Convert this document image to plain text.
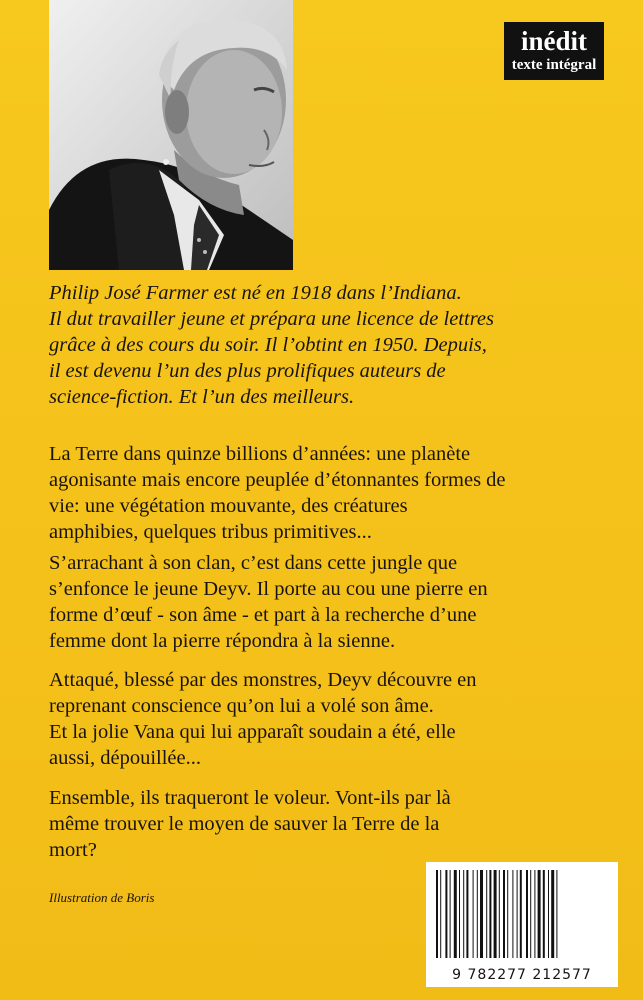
inédit
texte intégral
Philip José Farmer est né en 1918 dans l’Indiana.
Il dut travailler jeune et prépara une licence de lettres
grâce à des cours du soir. Il l’obtint en 1950. Depuis,
il est devenu l’un des plus prolifiques auteurs de
science-fiction. Et l’un des meilleurs.
La Terre dans quinze billions d’années: une planète
agonisante mais encore peuplée d’étonnantes formes de
vie: une végétation mouvante, des créatures
amphibies, quelques tribus primitives...
S’arrachant à son clan, c’est dans cette jungle que
s’enfonce le jeune Deyv. Il porte au cou une pierre en
forme d’œuf - son âme - et part à la recherche d’une
femme dont la pierre répondra à la sienne.
Attaqué, blessé par des monstres, Deyv découvre en
reprenant conscience qu’on lui a volé son âme.
Et la jolie Vana qui lui apparaît soudain a été, elle
aussi, dépouillée...
Ensemble, ils traqueront le voleur. Vont-ils par là
même trouver le moyen de sauver la Terre de la
mort?
Illustration de Boris
9 782277 212577
